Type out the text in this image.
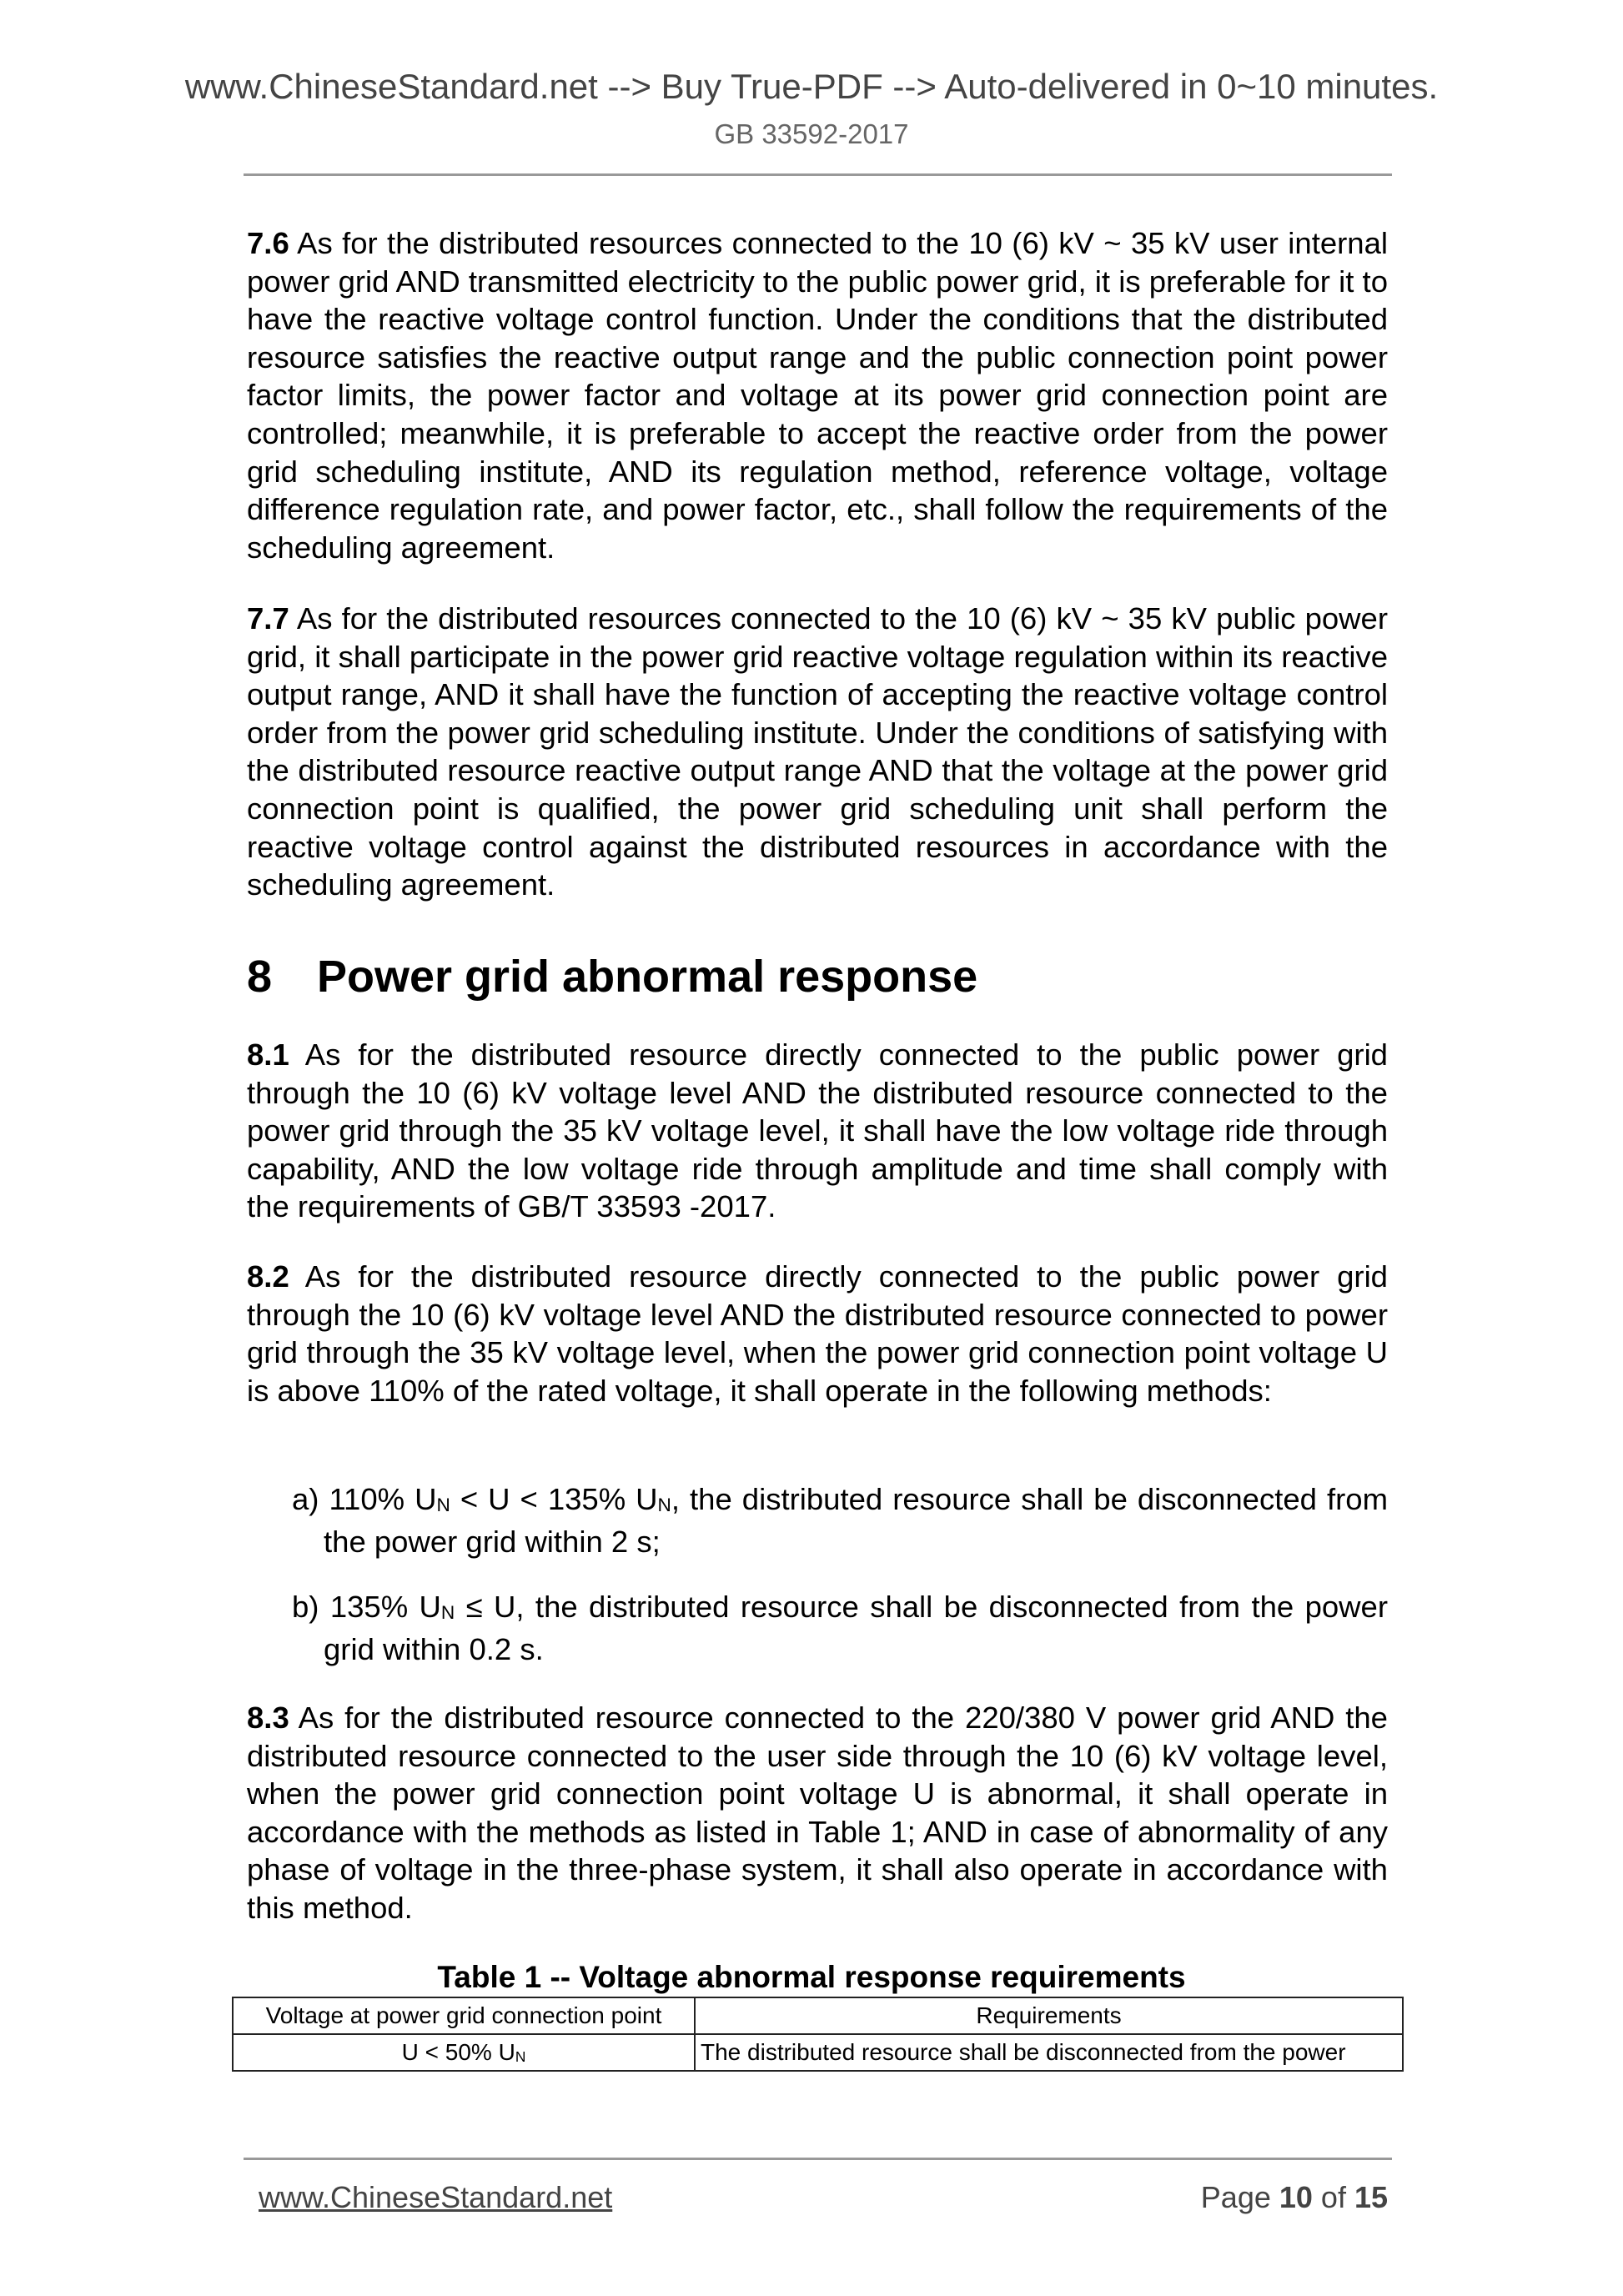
www.ChineseStandard.net --> Buy True-PDF --> Auto-delivered in 0~10 minutes.
GB 33592-2017
7.6 As for the distributed resources connected to the 10 (6) kV ~ 35 kV user internal power grid AND transmitted electricity to the public power grid, it is preferable for it to have the reactive voltage control function. Under the conditions that the distributed resource satisfies the reactive output range and the public connection point power factor limits, the power factor and voltage at its power grid connection point are controlled; meanwhile, it is preferable to accept the reactive order from the power grid scheduling institute, AND its regulation method, reference voltage, voltage difference regulation rate, and power factor, etc., shall follow the requirements of the scheduling agreement.
7.7 As for the distributed resources connected to the 10 (6) kV ~ 35 kV public power grid, it shall participate in the power grid reactive voltage regulation within its reactive output range, AND it shall have the function of accepting the reactive voltage control order from the power grid scheduling institute. Under the conditions of satisfying with the distributed resource reactive output range AND that the voltage at the power grid connection point is qualified, the power grid scheduling unit shall perform the reactive voltage control against the distributed resources in accordance with the scheduling agreement.
8 Power grid abnormal response
8.1 As for the distributed resource directly connected to the public power grid through the 10 (6) kV voltage level AND the distributed resource connected to the power grid through the 35 kV voltage level, it shall have the low voltage ride through capability, AND the low voltage ride through amplitude and time shall comply with the requirements of GB/T 33593 -2017.
8.2 As for the distributed resource directly connected to the public power grid through the 10 (6) kV voltage level AND the distributed resource connected to power grid through the 35 kV voltage level, when the power grid connection point voltage U is above 110% of the rated voltage, it shall operate in the following methods:
a) 110% $U_N < U < 135\%$ $U_N$, the distributed resource shall be disconnected from the power grid within 2 s;
b) 135% $U_N \le U$, the distributed resource shall be disconnected from the power grid within 0.2 s.
8.3 As for the distributed resource connected to the 220/380 V power grid AND the distributed resource connected to the user side through the 10 (6) kV voltage level, when the power grid connection point voltage U is abnormal, it shall operate in accordance with the methods as listed in Table 1; AND in case of abnormality of any phase of voltage in the three-phase system, it shall also operate in accordance with this method.
Table 1 -- Voltage abnormal response requirements
Voltage at power grid connection point	Requirements
U < 50% $U_N$	The distributed resource shall be disconnected from the power
www.ChineseStandard.net	Page 10 of 15
